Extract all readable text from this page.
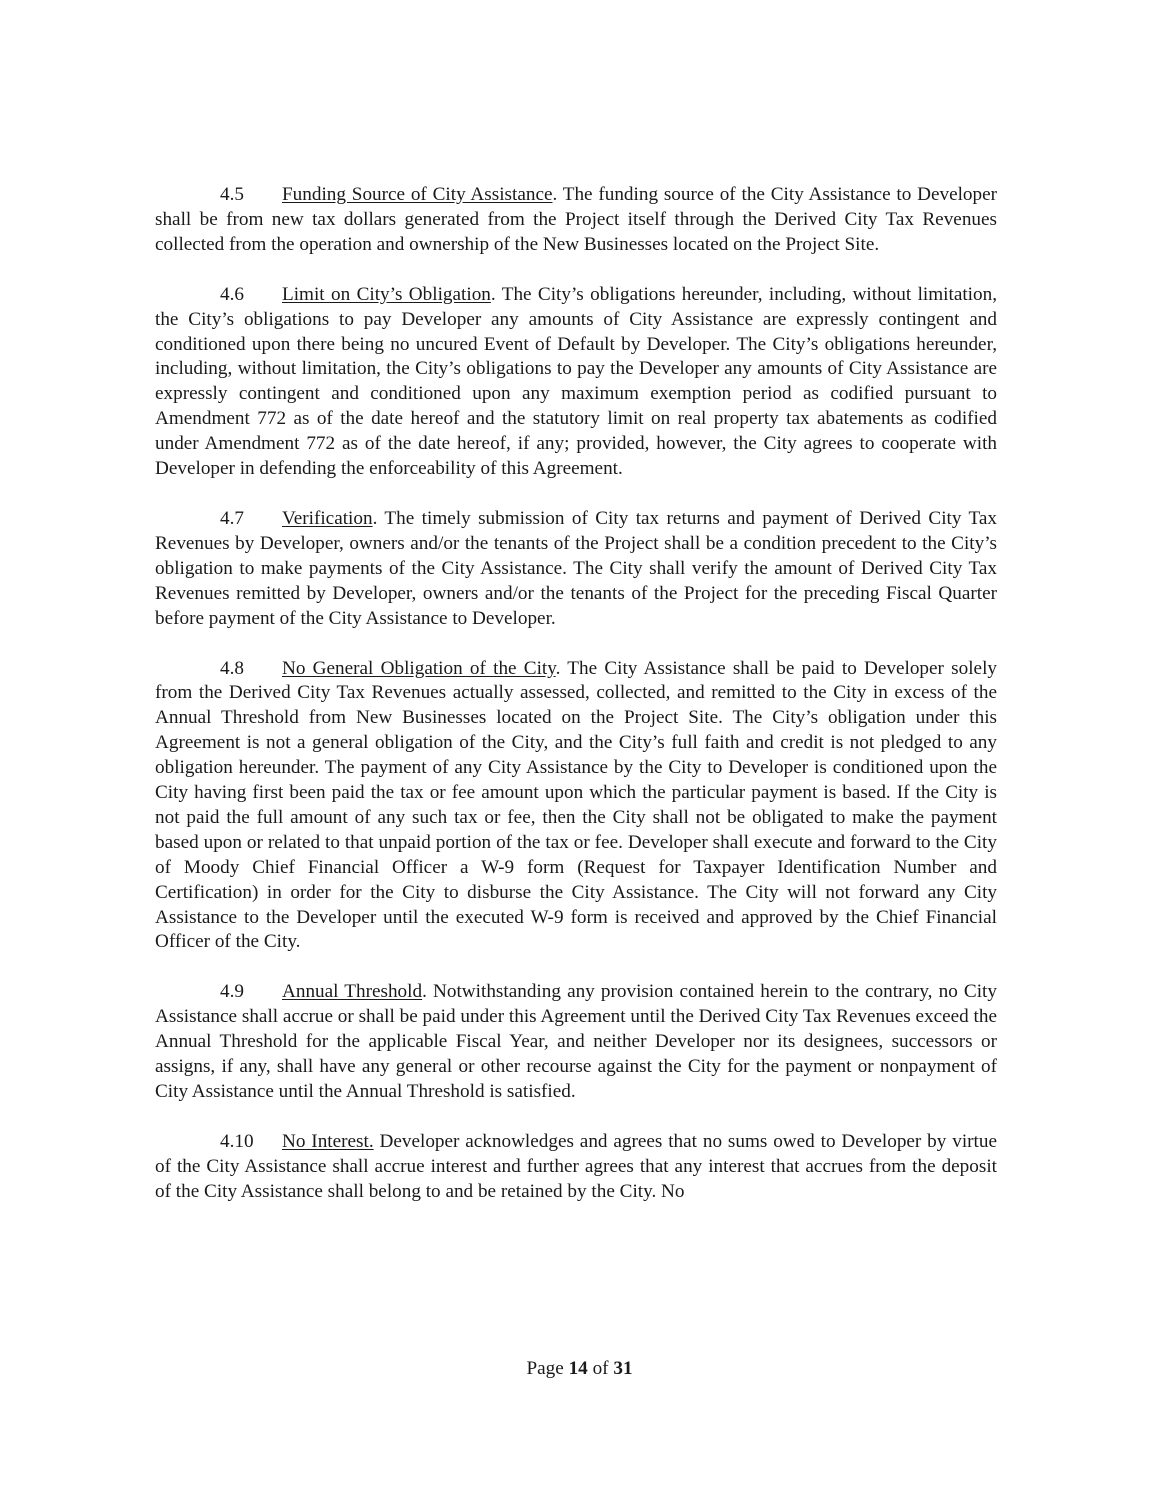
4.5 Funding Source of City Assistance. The funding source of the City Assistance to Developer shall be from new tax dollars generated from the Project itself through the Derived City Tax Revenues collected from the operation and ownership of the New Businesses located on the Project Site.

4.6 Limit on City’s Obligation. The City’s obligations hereunder, including, without limitation, the City’s obligations to pay Developer any amounts of City Assistance are expressly contingent and conditioned upon there being no uncured Event of Default by Developer. The City’s obligations hereunder, including, without limitation, the City’s obligations to pay the Developer any amounts of City Assistance are expressly contingent and conditioned upon any maximum exemption period as codified pursuant to Amendment 772 as of the date hereof and the statutory limit on real property tax abatements as codified under Amendment 772 as of the date hereof, if any; provided, however, the City agrees to cooperate with Developer in defending the enforceability of this Agreement.

4.7 Verification. The timely submission of City tax returns and payment of Derived City Tax Revenues by Developer, owners and/or the tenants of the Project shall be a condition precedent to the City’s obligation to make payments of the City Assistance. The City shall verify the amount of Derived City Tax Revenues remitted by Developer, owners and/or the tenants of the Project for the preceding Fiscal Quarter before payment of the City Assistance to Developer.

4.8 No General Obligation of the City. The City Assistance shall be paid to Developer solely from the Derived City Tax Revenues actually assessed, collected, and remitted to the City in excess of the Annual Threshold from New Businesses located on the Project Site. The City’s obligation under this Agreement is not a general obligation of the City, and the City’s full faith and credit is not pledged to any obligation hereunder. The payment of any City Assistance by the City to Developer is conditioned upon the City having first been paid the tax or fee amount upon which the particular payment is based. If the City is not paid the full amount of any such tax or fee, then the City shall not be obligated to make the payment based upon or related to that unpaid portion of the tax or fee. Developer shall execute and forward to the City of Moody Chief Financial Officer a W-9 form (Request for Taxpayer Identification Number and Certification) in order for the City to disburse the City Assistance. The City will not forward any City Assistance to the Developer until the executed W-9 form is received and approved by the Chief Financial Officer of the City.

4.9 Annual Threshold. Notwithstanding any provision contained herein to the contrary, no City Assistance shall accrue or shall be paid under this Agreement until the Derived City Tax Revenues exceed the Annual Threshold for the applicable Fiscal Year, and neither Developer nor its designees, successors or assigns, if any, shall have any general or other recourse against the City for the payment or nonpayment of City Assistance until the Annual Threshold is satisfied.

4.10 No Interest. Developer acknowledges and agrees that no sums owed to Developer by virtue of the City Assistance shall accrue interest and further agrees that any interest that accrues from the deposit of the City Assistance shall belong to and be retained by the City. No

Page 14 of 31
